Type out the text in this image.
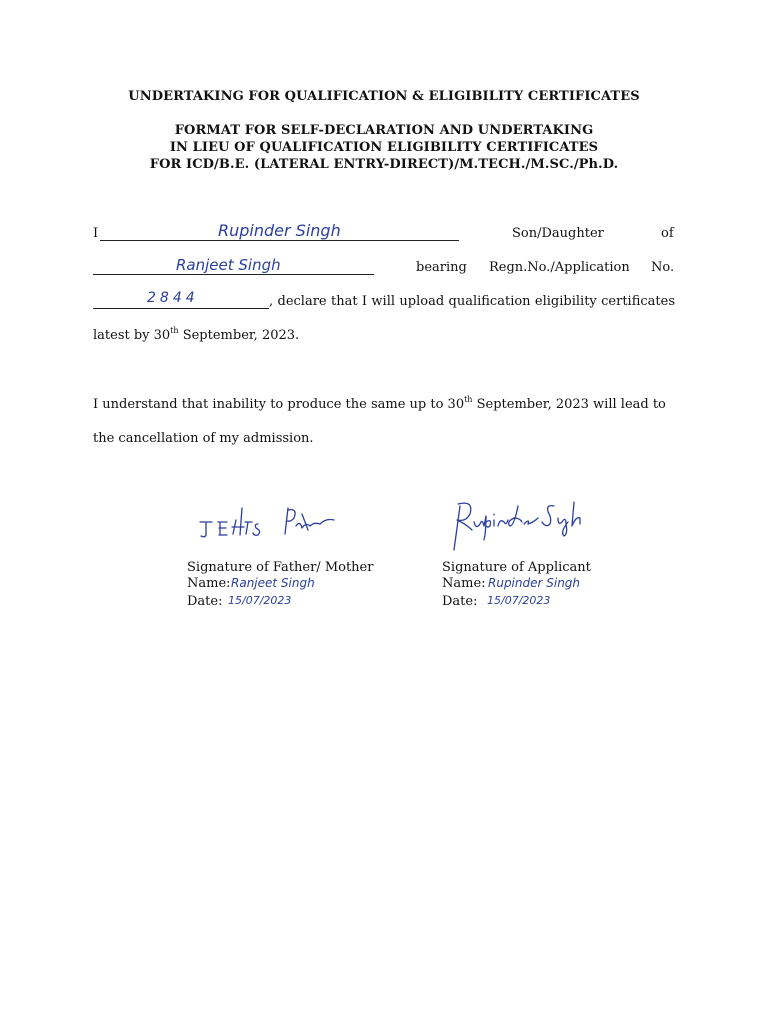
UNDERTAKING FOR QUALIFICATION & ELIGIBILITY CERTIFICATES
FORMAT FOR SELF-DECLARATION AND UNDERTAKING
IN LIEU OF QUALIFICATION ELIGIBILITY CERTIFICATES
FOR ICD/B.E. (LATERAL ENTRY-DIRECT)/M.TECH./M.SC./Ph.D.
I	Rupinder Singh	Son/Daughter	of
Ranjeet Singh	bearing Regn.No./Application No.
2844	, declare that I will upload qualification eligibility certificates
latest by 30th September, 2023.
I understand that inability to produce the same up to 30th September, 2023 will lead to
the cancellation of my admission.
Signature of Father/ Mother
Name: Ranjeet Singh
Date: 15/07/2023
Signature of Applicant
Name: Rupinder Singh
Date: 15/07/2023
